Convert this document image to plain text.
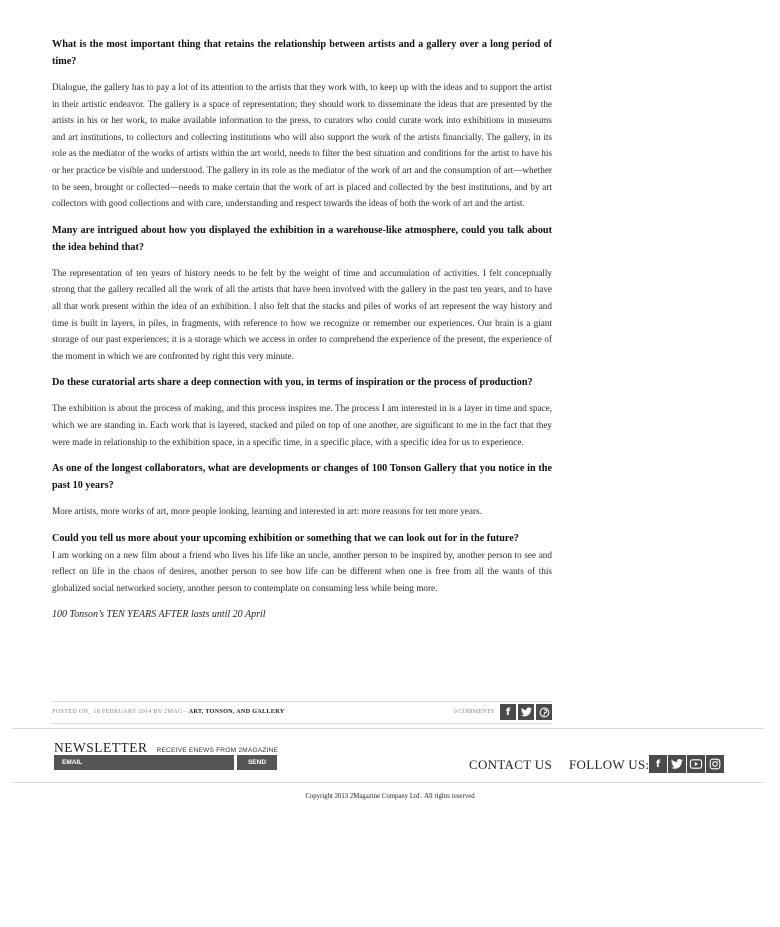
What is the most important thing that retains the relationship between artists and a gallery over a long period of time?

Dialogue, the gallery has to pay a lot of its attention to the artists that they work with, to keep up with the ideas and to support the artist in their artistic endeavor. The gallery is a space of representation; they should work to disseminate the ideas that are presented by the artists in his or her work, to make available information to the press, to curators who could curate work into exhibitions in museums and art institutions, to collectors and collecting institutions who will also support the work of the artists financially. The gallery, in its role as the mediator of the works of artists within the art world, needs to filter the best situation and conditions for the artist to have his or her practice be visible and understood. The gallery in its role as the mediator of the work of art and the consumption of art—whether to be seen, brought or collected—needs to make certain that the work of art is placed and collected by the best institutions, and by art collectors with good collections and with care, understanding and respect towards the ideas of both the work of art and the artist.

Many are intrigued about how you displayed the exhibition in a warehouse-like atmosphere, could you talk about the idea behind that?

The representation of ten years of history needs to be felt by the weight of time and accumulation of activities. I felt conceptually strong that the gallery recalled all the work of all the artists that have been involved with the gallery in the past ten years, and to have all that work present within the idea of an exhibition. I also felt that the stacks and piles of works of art represent the way history and time is built in layers, in piles, in fragments, with reference to how we recognize or remember our experiences. Our brain is a giant storage of our past experiences; it is a storage which we access in order to comprehend the experience of the present, the experience of the moment in which we are confronted by right this very minute.

Do these curatorial arts share a deep connection with you, in terms of inspiration or the process of production?

The exhibition is about the process of making, and this process inspires me. The process I am interested in is a layer in time and space, which we are standing in. Each work that is layered, stacked and piled on top of one another, are significant to me in the fact that they were made in relationship to the exhibition space, in a specific time, in a specific place, with a specific idea for us to experience.

As one of the longest collaborators, what are developments or changes of 100 Tonson Gallery that you notice in the past 10 years?

More artists, more works of art, more people looking, learning and interested in art: more reasons for ten more years.

Could you tell us more about your upcoming exhibition or something that we can look out for in the future?

I am working on a new film about a friend who lives his life like an uncle, another person to be inspired by, another person to see and reflect on life in the chaos of desires, another person to see how life can be different when one is free from all the wants of this globalized social networked society, another person to contemplate on consuming less while being more.

100 Tonson’s TEN YEARS AFTER lasts until 20 April

POSTED ON_ 18 FEBRUARY 2014 BY 2MAG - ART, TONSON, AND GALLERY	0 COMMENTS	f
NEWSLETTER RECEIVE ENEWS FROM 2MAGAZINE
EMAIL	SEND	CONTACT US FOLLOW US: f
Copyright 2013 2Magazine Company Ltd . All rights reserved
